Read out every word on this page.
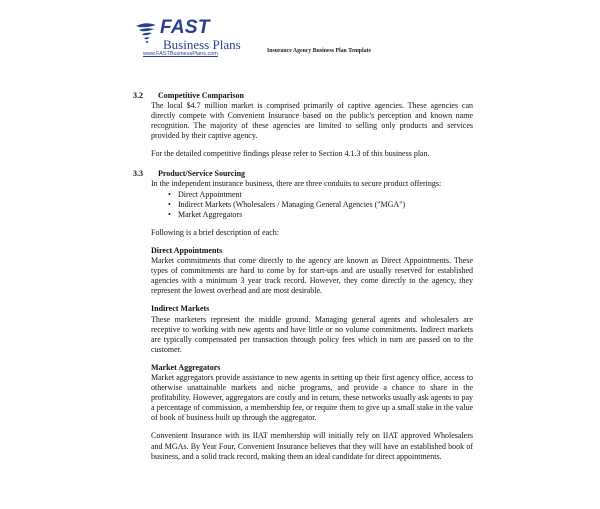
FAST
Business Plans
www.FASTBusinessPlans.com	Insurance Agency Business Plan Template
3.2 Competitive Comparison

The local $4.7 million market is comprised primarily of captive agencies. These agencies can directly compete with Convenient Insurance based on the public's perception and known name recognition. The majority of these agencies are limited to selling only products and services provided by their captive agency.

For the detailed competitive findings please refer to Section 4.1.3 of this business plan.

3.3 Product/Service Sourcing

In the independent insurance business, there are three conduits to secure product offerings:

• Direct Appointment
• Indirect Markets (Wholesalers / Managing General Agencies ("MGA")
• Market Aggregators

Following is a brief description of each:

Direct Appointments

Market commitments that come directly to the agency are known as Direct Appointments. These types of commitments are hard to come by for start-ups and are usually reserved for established agencies with a minimum 3 year track record. However, they come directly to the agency, they represent the lowest overhead and are most desirable.

Indirect Markets

These marketers represent the middle ground. Managing general agents and wholesalers are receptive to working with new agents and have little or no volume commitments. Indirect markets are typically compensated per transaction through policy fees which in turn are passed on to the customer.

Market Aggregators

Market aggregators provide assistance to new agents in setting up their first agency office, access to otherwise unattainable markets and niche programs, and provide a chance to share in the profitability. However, aggregators are costly and in return, these networks usually ask agents to pay a percentage of commission, a membership fee, or require them to give up a small stake in the value of book of business built up through the aggregator.

Convenient Insurance with its IIAT membership will initially rely on IIAT approved Wholesalers and MGAs. By Year Four, Convenient Insurance believes that they will have an established book of business, and a solid track record, making them an ideal candidate for direct appointments.
